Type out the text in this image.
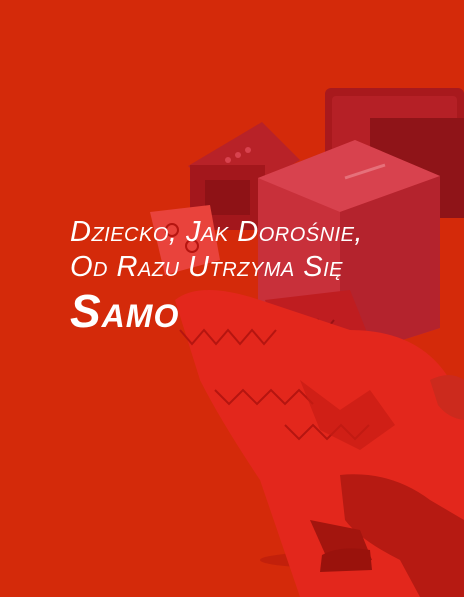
Dziecko, Jak Dorośnie,
Od Razu Utrzyma Się
Samo
